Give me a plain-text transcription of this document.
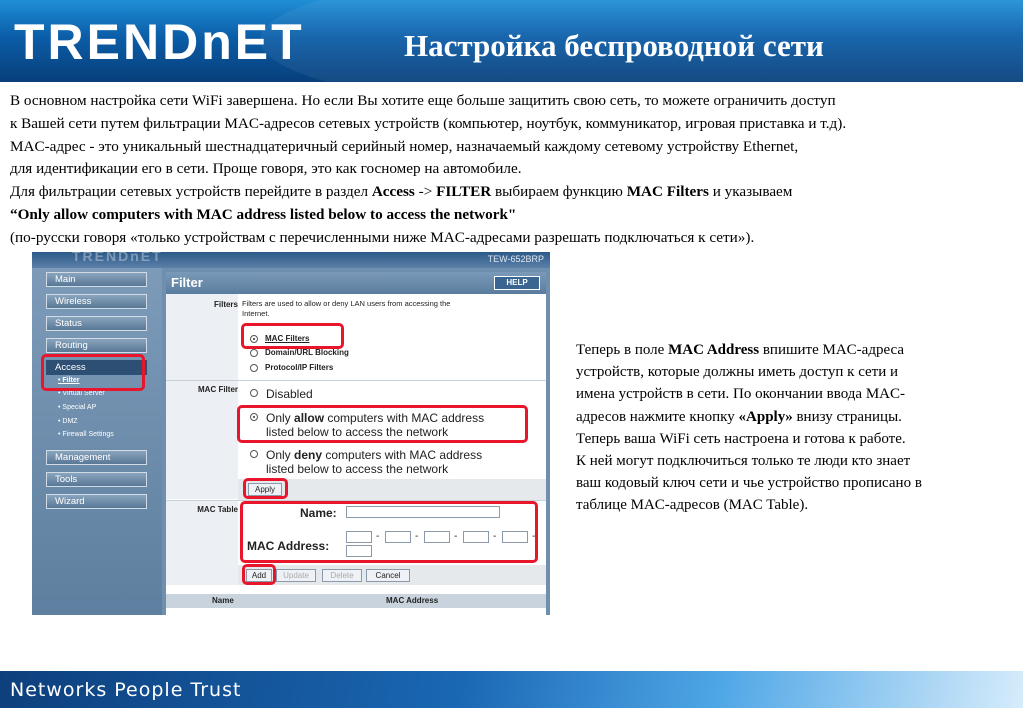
TRENDnET	Настройка беспроводной сети

В основном настройка сети WiFi завершена. Но если Вы хотите еще больше защитить свою сеть, то можете ограничить доступ

к Вашей сети путем фильтрации MAC-адресов сетевых устройств (компьютер, ноутбук, коммуникатор, игровая приставка и т.д).

MAC-адрес - это уникальный шестнадцатеричный серийный номер, назначаемый каждому сетевому устройству Ethernet,

для идентификации его в сети. Проще говоря, это как госномер на автомобиле.

Для фильтрации сетевых устройств перейдите в раздел Access -> FILTER выбираем функцию MAC Filters и указываем

“Only allow computers with MAC address listed below to access the network"

(по-русски говоря «только устройствам с перечисленными ниже MAC-адресами разрешать подключаться к сети»).

TRENDnET	TEW-652BRP
Main
Wireless
Status
Routing
Access
• Filter
• Virtual Server
• Special AP
• DMZ
• Firewall Settings
Management
Tools
Wizard
Filter	HELP
Filters Filters are used to allow or deny LAN users from accessing the
Internet.
MAC Filters
Domain/URL Blocking
Protocol/IP Filters
MAC Filter Disabled
Only allow computers with MAC address
listed below to access the network
Only deny computers with MAC address
listed below to access the network
Apply
MAC Table	Name:
MAC Address:
-	-	-	-	-
Add	Update	Delete	Cancel
Name	MAC Address

Теперь в поле MAC Address впишите MAC-адреса

устройств, которые должны иметь доступ к сети и

имена устройств в сети. По окончании ввода MAC-

адресов нажмите кнопку «Apply» внизу страницы.

Теперь ваша WiFi сеть настроена и готова к работе.

К ней могут подключиться только те люди кто знает

ваш кодовый ключ сети и чье устройство прописано в

таблице MAC-адресов (MAC Table).

Networks People Trust
